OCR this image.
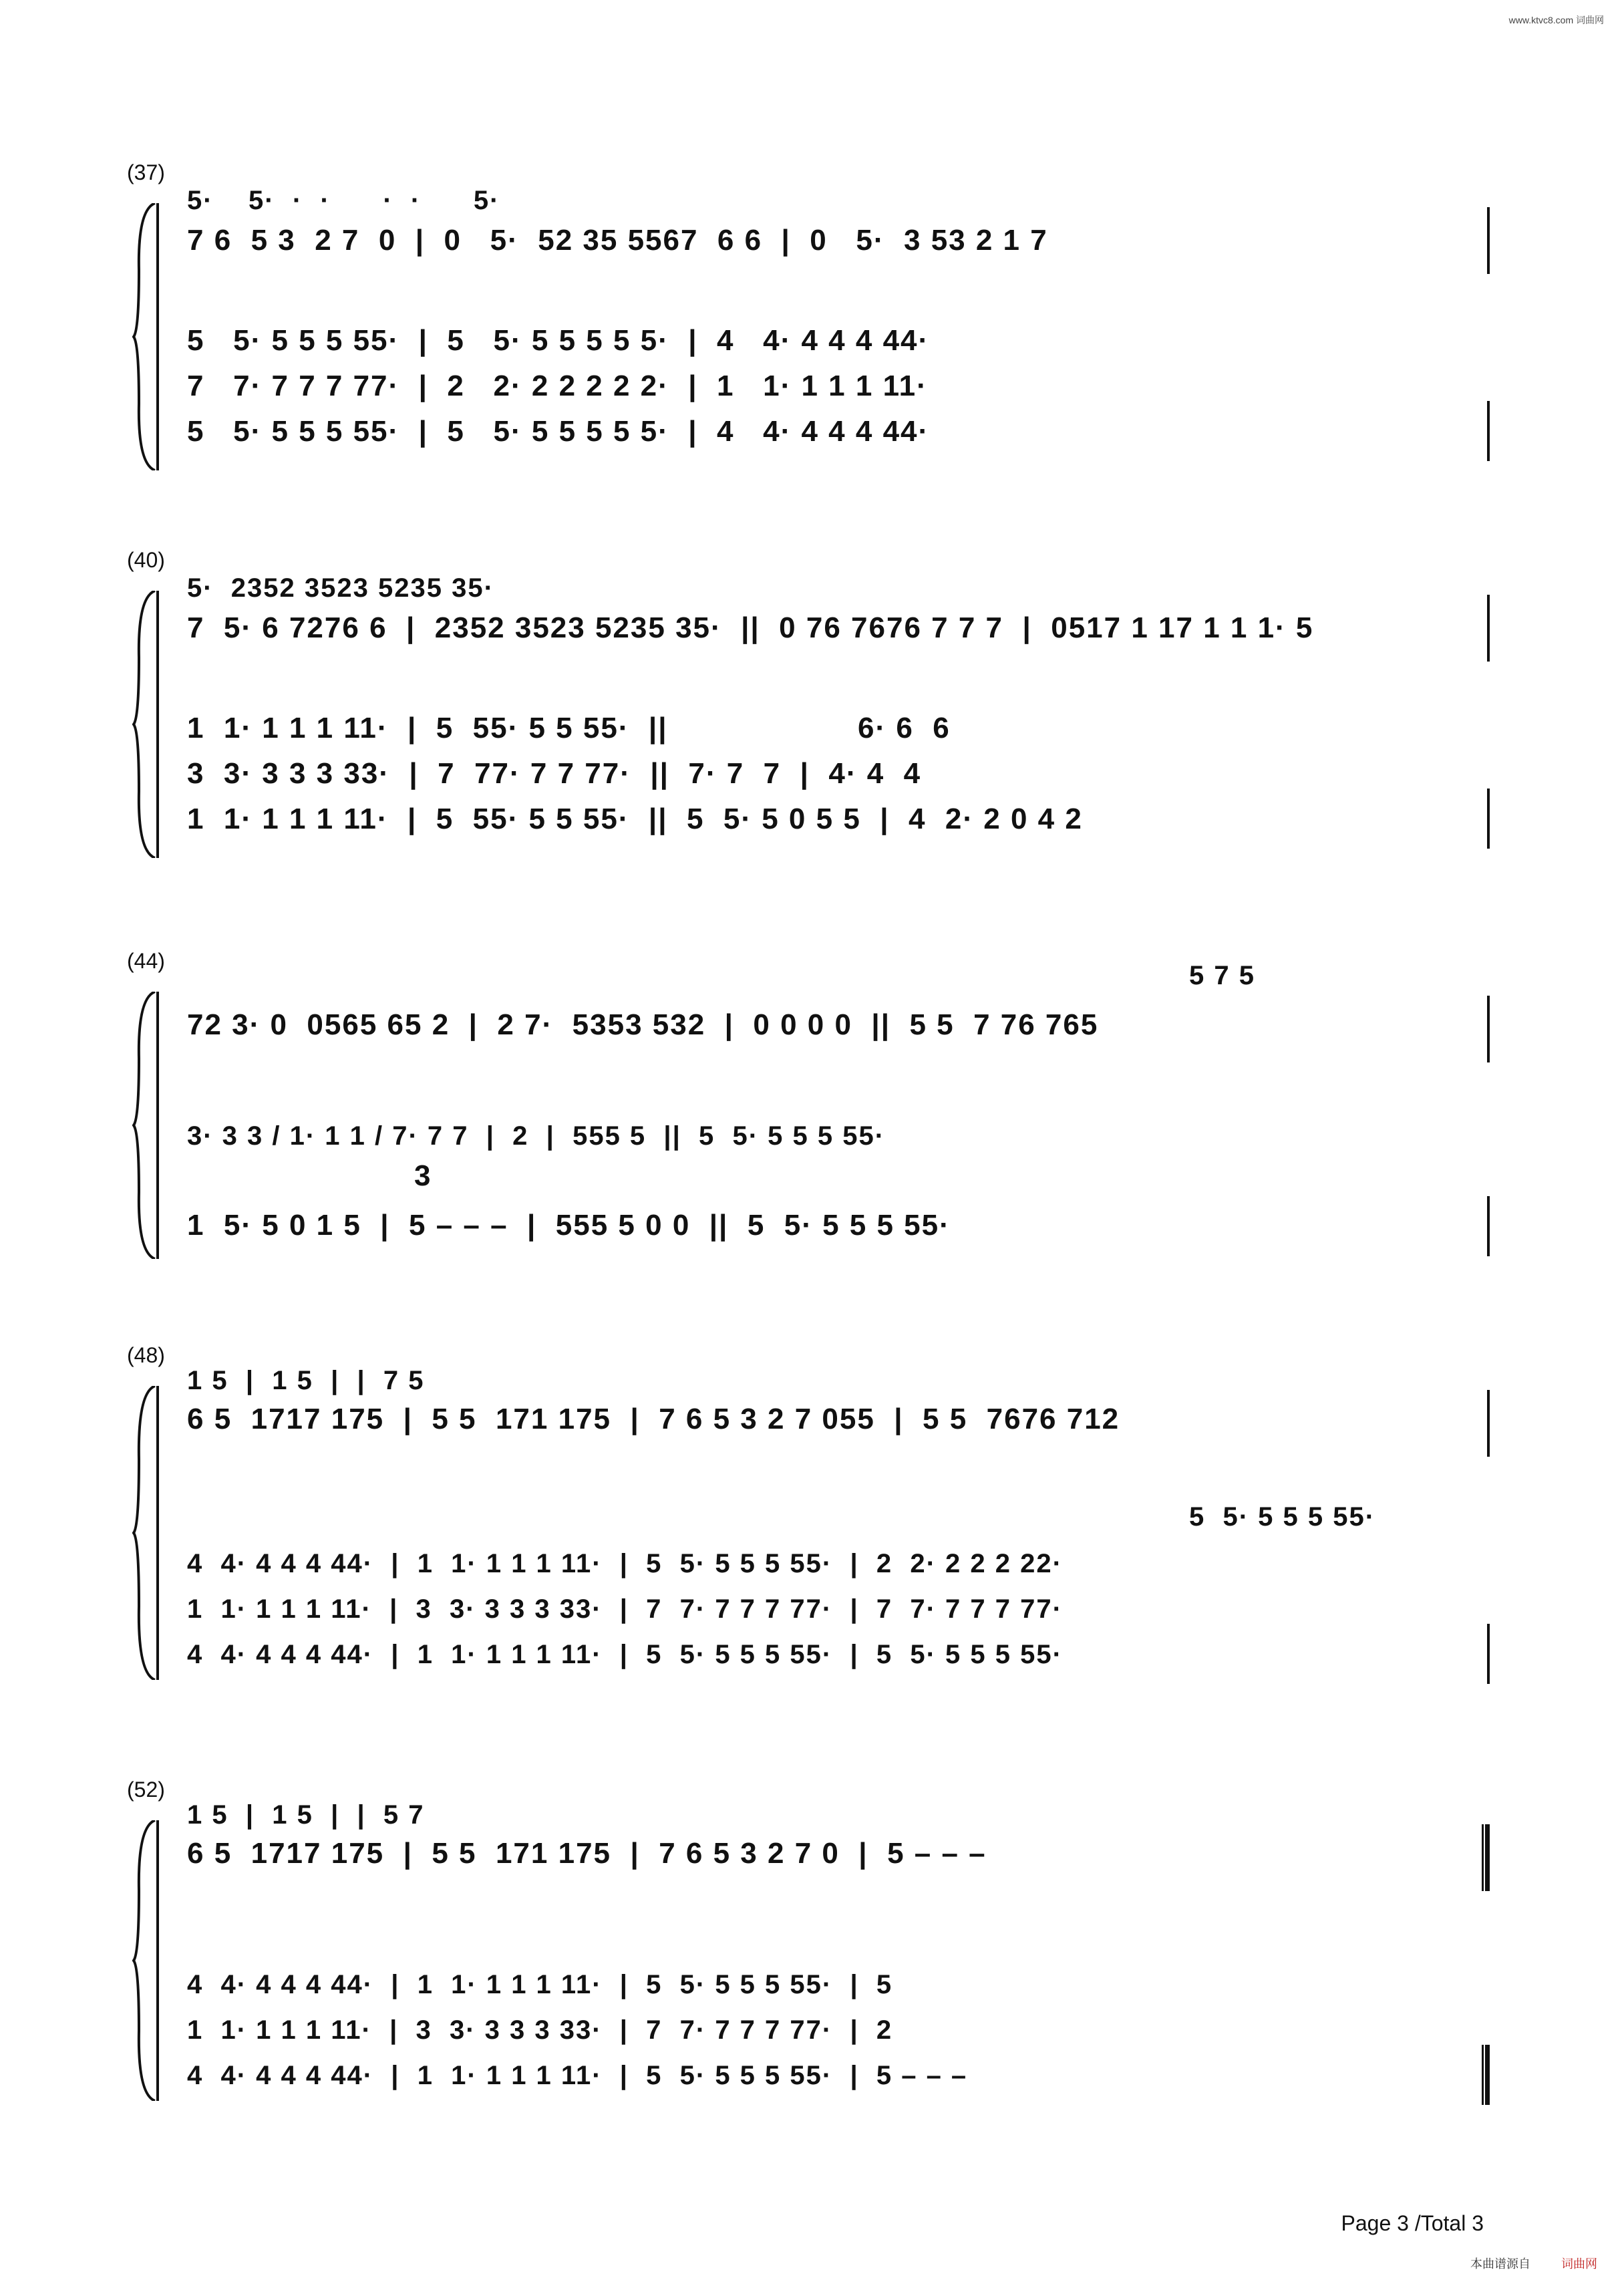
www.ktvc8.com 词曲网
(37)
5·    5·  ·  ·      ·  ·      5·
7 6  5 3  2 7  0  |  0   5·  52 35 5567  6 6  |  0   5·  3 53 2 1 7
5   5· 5 5 5 55·  |  5   5· 5 5 5 5 5·  |  4   4· 4 4 4 44·
7   7· 7 7 7 77·  |  2   2· 2 2 2 2 2·  |  1   1· 1 1 1 11·
5   5· 5 5 5 55·  |  5   5· 5 5 5 5 5·  |  4   4· 4 4 4 44·
(40)
5·  2352 3523 5235 35·
7  5· 6 7276 6  |  2352 3523 5235 35·  ||  0 76 7676 7 7 7  |  0517 1 17 1 1 1· 5
1  1· 1 1 1 11·  |  5  55· 5 5 55·  ||                    6· 6  6
3  3· 3 3 3 33·  |  7  77· 7 7 77·  ||  7· 7  7  |  4· 4  4
1  1· 1 1 1 11·  |  5  55· 5 5 55·  ||  5  5· 5 0 5 5  |  4  2· 2 0 4 2
(44)	5 7 5
72 3· 0  0565 65 2  |  2 7·  5353 532  |  0 0 0 0  ||  5 5  7 76 765
3· 3 3 / 1· 1 1 / 7· 7 7  |  2  |  555 5  ||  5  5· 5 5 5 55·
3
1  5· 5 0 1 5  |  5 – – –  |  555 5 0 0  ||  5  5· 5 5 5 55·
(48)
1 5  |  1 5  |  |  7 5
6 5  1717 175  |  5 5  171 175  |  7 6 5 3 2 7 055  |  5 5  7676 712
5  5· 5 5 5 55·
4  4· 4 4 4 44·  |  1  1· 1 1 1 11·  |  5  5· 5 5 5 55·  |  2  2· 2 2 2 22·
1  1· 1 1 1 11·  |  3  3· 3 3 3 33·  |  7  7· 7 7 7 77·  |  7  7· 7 7 7 77·
4  4· 4 4 4 44·  |  1  1· 1 1 1 11·  |  5  5· 5 5 5 55·  |  5  5· 5 5 5 55·
(52)
1 5  |  1 5  |  |  5 7
6 5  1717 175  |  5 5  171 175  |  7 6 5 3 2 7 0  |  5 – – –
4  4· 4 4 4 44·  |  1  1· 1 1 1 11·  |  5  5· 5 5 5 55·  |  5
1  1· 1 1 1 11·  |  3  3· 3 3 3 33·  |  7  7· 7 7 7 77·  |  2
4  4· 4 4 4 44·  |  1  1· 1 1 1 11·  |  5  5· 5 5 5 55·  |  5 – – –
Page 3 /Total 3
本曲谱源自	词曲网
